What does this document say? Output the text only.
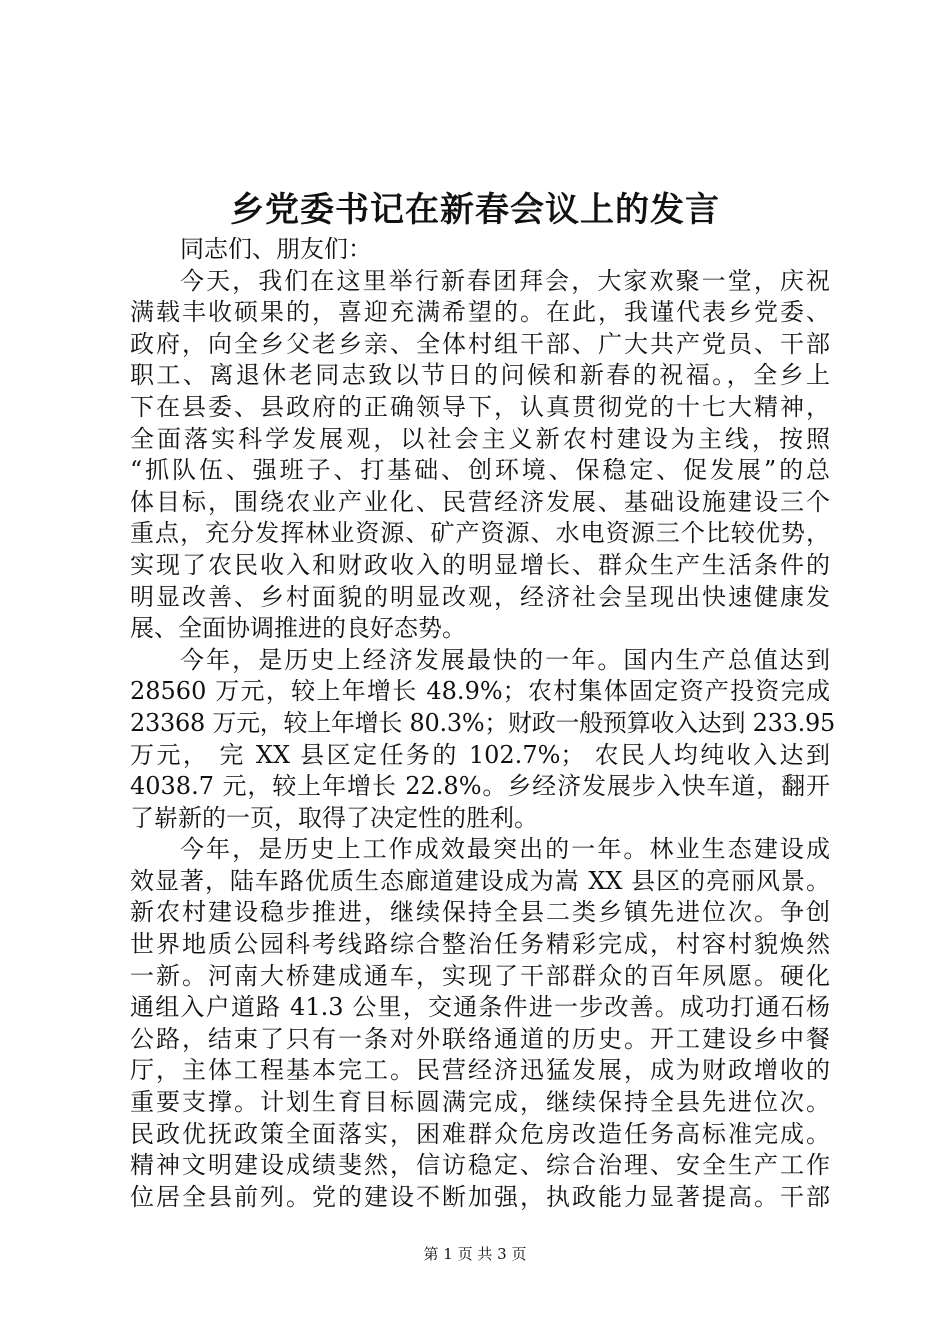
乡党委书记在新春会议上的发言
同志们、朋友们：
今天，我们在这里举行新春团拜会，大家欢聚一堂，庆祝
满载丰收硕果的，喜迎充满希望的。在此，我谨代表乡党委、
政府，向全乡父老乡亲、全体村组干部、广大共产党员、干部
职工、离退休老同志致以节日的问候和新春的祝福。，全乡上
下在县委、县政府的正确领导下，认真贯彻党的十七大精神，
全面落实科学发展观，以社会主义新农村建设为主线，按照
“抓队伍、强班子、打基础、创环境、保稳定、促发展”的总
体目标，围绕农业产业化、民营经济发展、基础设施建设三个
重点，充分发挥林业资源、矿产资源、水电资源三个比较优势，
实现了农民收入和财政收入的明显增长、群众生产生活条件的
明显改善、乡村面貌的明显改观，经济社会呈现出快速健康发
展、全面协调推进的良好态势。
今年，是历史上经济发展最快的一年。国内生产总值达到
28560 万元，较上年增长 48.9%；农村集体固定资产投资完成
23368 万元，较上年增长 80.3%；财政一般预算收入达到 233.95
万元， 完 XX 县区定任务的 102.7%； 农民人均纯收入达到
4038.7 元，较上年增长 22.8%。乡经济发展步入快车道，翻开
了崭新的一页，取得了决定性的胜利。
今年，是历史上工作成效最突出的一年。林业生态建设成
效显著，陆车路优质生态廊道建设成为嵩 XX 县区的亮丽风景。
新农村建设稳步推进，继续保持全县二类乡镇先进位次。争创
世界地质公园科考线路综合整治任务精彩完成，村容村貌焕然
一新。河南大桥建成通车，实现了干部群众的百年夙愿。硬化
通组入户道路 41.3 公里，交通条件进一步改善。成功打通石杨
公路，结束了只有一条对外联络通道的历史。开工建设乡中餐
厅，主体工程基本完工。民营经济迅猛发展，成为财政增收的
重要支撑。计划生育目标圆满完成，继续保持全县先进位次。
民政优抚政策全面落实，困难群众危房改造任务高标准完成。
精神文明建设成绩斐然，信访稳定、综合治理、安全生产工作
位居全县前列。党的建设不断加强，执政能力显著提高。干部
第 1 页 共 3 页
